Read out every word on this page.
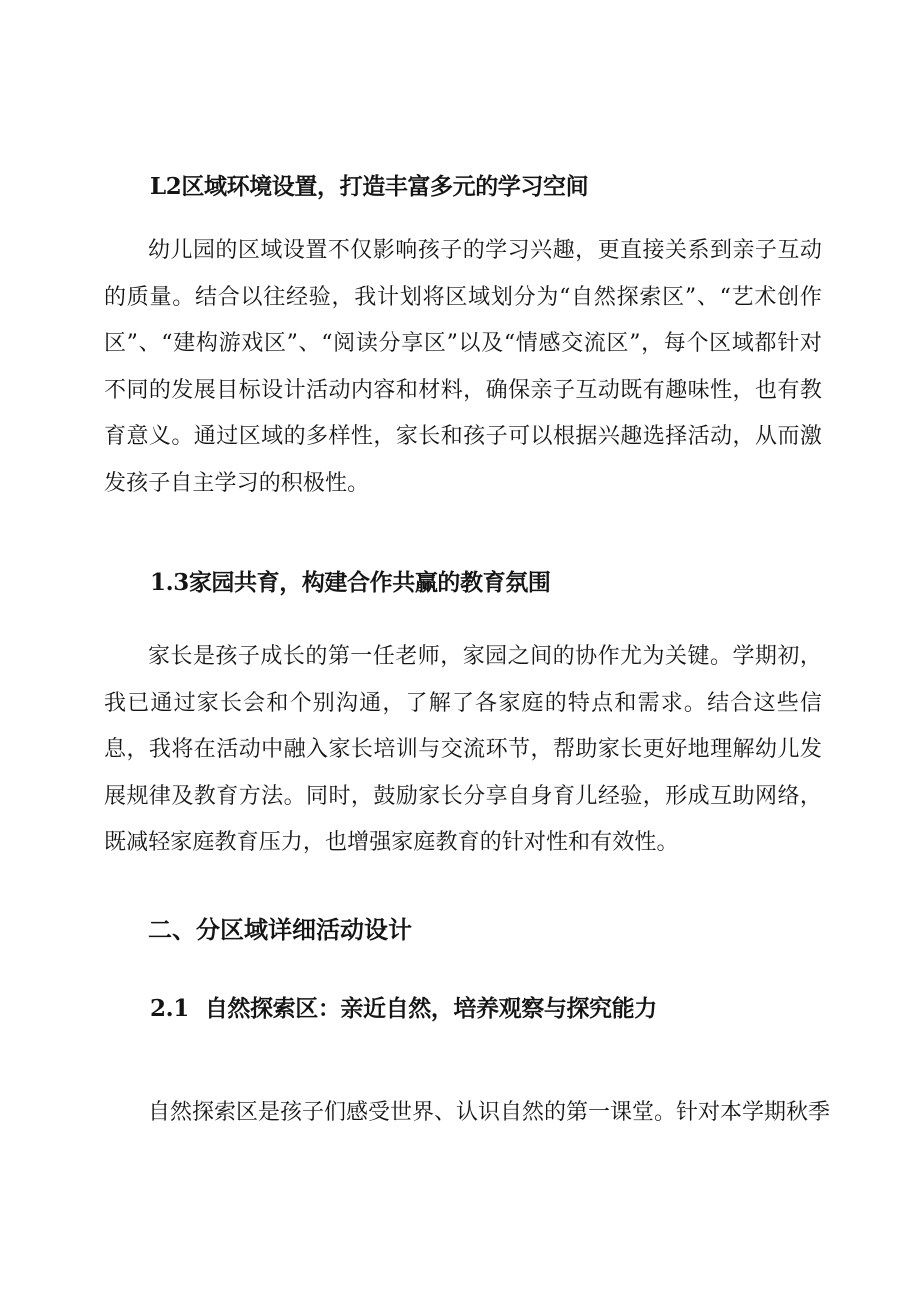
L2区域环境设置，打造丰富多元的学习空间

幼儿园的区域设置不仅影响孩子的学习兴趣，更直接关系到亲子互动的质量。结合以往经验，我计划将区域划分为“自然探索区”、“艺术创作区”、“建构游戏区”、“阅读分享区”以及“情感交流区”，每个区域都针对不同的发展目标设计活动内容和材料，确保亲子互动既有趣味性，也有教育意义。通过区域的多样性，家长和孩子可以根据兴趣选择活动，从而激发孩子自主学习的积极性。

1.3家园共育，构建合作共赢的教育氛围

家长是孩子成长的第一任老师，家园之间的协作尤为关键。学期初，我已通过家长会和个别沟通，了解了各家庭的特点和需求。结合这些信息，我将在活动中融入家长培训与交流环节，帮助家长更好地理解幼儿发展规律及教育方法。同时，鼓励家长分享自身育儿经验，形成互助网络，既减轻家庭教育压力，也增强家庭教育的针对性和有效性。

二、分区域详细活动设计
2.1 自然探索区：亲近自然，培养观察与探究能力

自然探索区是孩子们感受世界、认识自然的第一课堂。针对本学期秋季
